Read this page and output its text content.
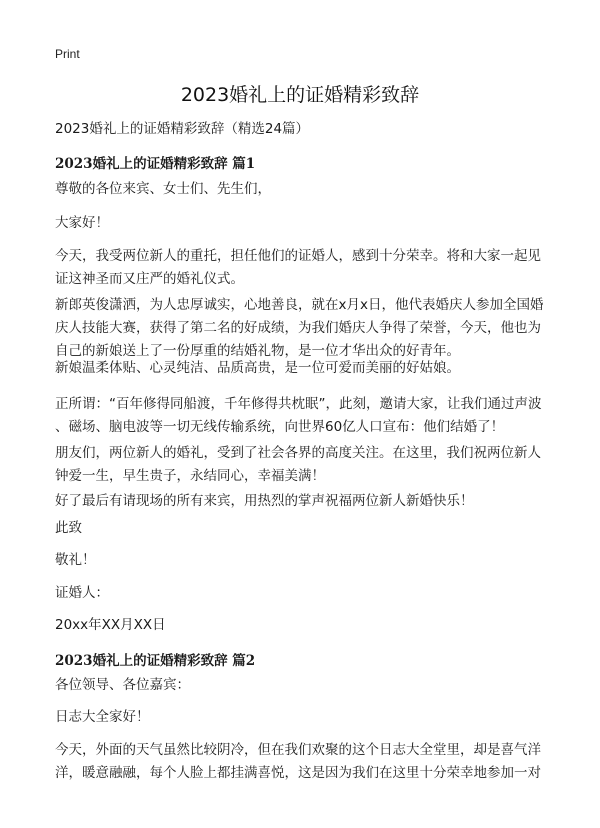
Print
2023婚礼上的证婚精彩致辞

2023婚礼上的证婚精彩致辞（精选24篇）

2023婚礼上的证婚精彩致辞 篇1

尊敬的各位来宾、女士们、先生们，

大家好！

今天，我受两位新人的重托，担任他们的证婚人，感到十分荣幸。将和大家一起见

证这神圣而又庄严的婚礼仪式。

新郎英俊潇洒，为人忠厚诚实，心地善良，就在x月x日，他代表婚庆人参加全国婚

庆人技能大赛，获得了第二名的好成绩，为我们婚庆人争得了荣誉，今天，他也为

自己的新娘送上了一份厚重的结婚礼物，是一位才华出众的好青年。

新娘温柔体贴、心灵纯洁、品质高贵，是一位可爱而美丽的好姑娘。

正所谓：“百年修得同船渡，千年修得共枕眠”，此刻，邀请大家，让我们通过声波

、磁场、脑电波等一切无线传输系统，向世界60亿人口宣布：他们结婚了！

朋友们，两位新人的婚礼，受到了社会各界的高度关注。在这里，我们祝两位新人

钟爱一生，早生贵子，永结同心，幸福美满！

好了最后有请现场的所有来宾，用热烈的掌声祝福两位新人新婚快乐！

此致

敬礼！

证婚人：

20xx年XX月XX日

2023婚礼上的证婚精彩致辞 篇2

各位领导、各位嘉宾：

日志大全家好！

今天，外面的天气虽然比较阴冷，但在我们欢聚的这个日志大全堂里，却是喜气洋

洋，暖意融融，每个人脸上都挂满喜悦，这是因为我们在这里十分荣幸地参加一对
